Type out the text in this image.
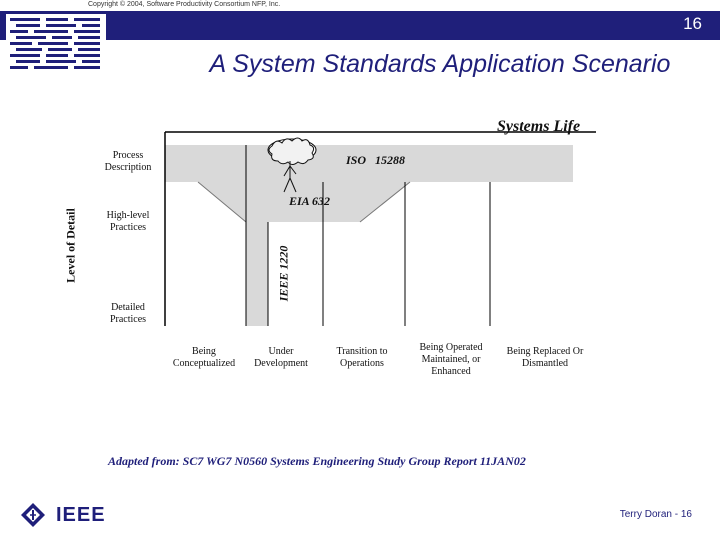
Copyright © 2004, Software Productivity Consortium NFP, Inc.
16
A System Standards Application Scenario
Systems Life
Level of Detail
Process Description
High-level Practices
Detailed Practices
ISO 15288
EIA 632
IEEE 1220
Being Conceptualized
Under Development
Transition to Operations
Being Operated Maintained, or Enhanced
Being Replaced Or Dismantled
Adapted from: SC7 WG7 N0560 Systems Engineering Study Group Report 11JAN02
IEEE	Terry Doran - 16
